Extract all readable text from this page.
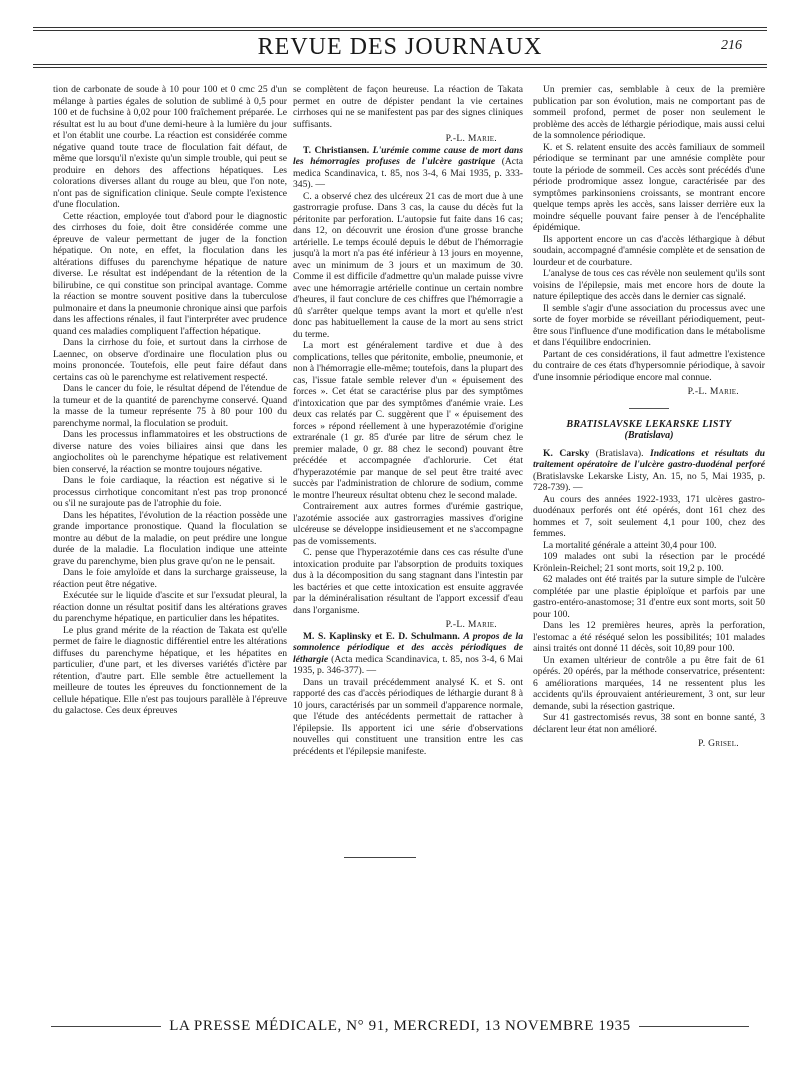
REVUE DES JOURNAUX	216

tion de carbonate de soude à 10 pour 100 et 0 cmc 25 d'un mélange à parties égales de solution de sublimé à 0,5 pour 100 et de fuchsine à 0,02 pour 100 fraîchement préparée. Le résultat est lu au bout d'une demi-heure à la lumière du jour et l'on établit une courbe. La réaction est considérée comme négative quand toute trace de floculation fait défaut, de même que lorsqu'il n'existe qu'un simple trouble, qui peut se produire en dehors des affections hépatiques. Les colorations diverses allant du rouge au bleu, que l'on note, n'ont pas de signification clinique. Seule compte l'existence d'une floculation.

Cette réaction, employée tout d'abord pour le diagnostic des cirrhoses du foie, doit être considérée comme une épreuve de valeur permettant de juger de la fonction hépatique. On note, en effet, la floculation dans les altérations diffuses du parenchyme hépatique de nature diverse. Le résultat est indépendant de la rétention de la bilirubine, ce qui constitue son principal avantage. Comme la réaction se montre souvent positive dans la tuberculose pulmonaire et dans la pneumonie chronique ainsi que parfois dans les affections rénales, il faut l'interpréter avec prudence quand ces maladies compliquent l'affection hépatique.

Dans la cirrhose du foie, et surtout dans la cirrhose de Laennec, on observe d'ordinaire une floculation plus ou moins prononcée. Toutefois, elle peut faire défaut dans certains cas où le parenchyme est relativement respecté.

Dans le cancer du foie, le résultat dépend de l'étendue de la tumeur et de la quantité de parenchyme conservé. Quand la masse de la tumeur représente 75 à 80 pour 100 du parenchyme normal, la floculation se produit.

Dans les processus inflammatoires et les obstructions de diverse nature des voies biliaires ainsi que dans les angiocholites où le parenchyme hépatique est relativement bien conservé, la réaction se montre toujours négative.

Dans le foie cardiaque, la réaction est négative si le processus cirrhotique concomitant n'est pas trop prononcé ou s'il ne surajoute pas de l'atrophie du foie.

Dans les hépatites, l'évolution de la réaction possède une grande importance pronostique. Quand la floculation se montre au début de la maladie, on peut prédire une longue durée de la maladie. La floculation indique une atteinte grave du parenchyme, bien plus grave qu'on ne le pensait.

Dans le foie amyloïde et dans la surcharge graisseuse, la réaction peut être négative.

Exécutée sur le liquide d'ascite et sur l'exsudat pleural, la réaction donne un résultat positif dans les altérations graves du parenchyme hépatique, en particulier dans les hépatites.

Le plus grand mérite de la réaction de Takata est qu'elle permet de faire le diagnostic différentiel entre les altérations diffuses du parenchyme hépatique, et les hépatites en particulier, d'une part, et les diverses variétés d'ictère par rétention, d'autre part. Elle semble être actuellement la meilleure de toutes les épreuves du fonctionnement de la cellule hépatique. Elle n'est pas toujours parallèle à l'épreuve du galactose. Ces deux épreuves

se complètent de façon heureuse. La réaction de Takata permet en outre de dépister pendant la vie certaines cirrhoses qui ne se manifestent pas par des signes cliniques suffisants.

P.-L. Marie.

T. Christiansen. L'urémie comme cause de mort dans les hémorragies profuses de l'ulcère gastrique (Acta medica Scandinavica, t. 85, nos 3-4, 6 Mai 1935, p. 333-345). —

C. a observé chez des ulcéreux 21 cas de mort due à une gastrorragie profuse. Dans 3 cas, la cause du décès fut la péritonite par perforation. L'autopsie fut faite dans 16 cas; dans 12, on découvrit une érosion d'une grosse branche artérielle. Le temps écoulé depuis le début de l'hémorragie jusqu'à la mort n'a pas été inférieur à 13 jours en moyenne, avec un minimum de 3 jours et un maximum de 30. Comme il est difficile d'admettre qu'un malade puisse vivre avec une hémorragie artérielle continue un certain nombre d'heures, il faut conclure de ces chiffres que l'hémorragie a dû s'arrêter quelque temps avant la mort et qu'elle n'est donc pas habituellement la cause de la mort au sens strict du terme.

La mort est généralement tardive et due à des complications, telles que péritonite, embolie, pneumonie, et non à l'hémorragie elle-même; toutefois, dans la plupart des cas, l'issue fatale semble relever d'un « épuisement des forces ». Cet état se caractérise plus par des symptômes d'intoxication que par des symptômes d'anémie vraie. Les deux cas relatés par C. suggèrent que l' « épuisement des forces » répond réellement à une hyperazotémie d'origine extrarénale (1 gr. 85 d'urée par litre de sérum chez le premier malade, 0 gr. 88 chez le second) pouvant être précédée et accompagnée d'achlorurie. Cet état d'hyperazotémie par manque de sel peut être traité avec succès par l'administration de chlorure de sodium, comme le montre l'heureux résultat obtenu chez le second malade.

Contrairement aux autres formes d'urémie gastrique, l'azotémie associée aux gastrorragies massives d'origine ulcéreuse se développe insidieusement et ne s'accompagne pas de vomissements.

C. pense que l'hyperazotémie dans ces cas résulte d'une intoxication produite par l'absorption de produits toxiques dus à la décomposition du sang stagnant dans l'intestin par les bactéries et que cette intoxication est ensuite aggravée par la déminéralisation résultant de l'apport excessif d'eau dans l'organisme.

P.-L. Marie.

M. S. Kaplinsky et E. D. Schulmann. A propos de la somnolence périodique et des accès périodiques de léthargie (Acta medica Scandinavica, t. 85, nos 3-4, 6 Mai 1935, p. 346-377). —

Dans un travail précédemment analysé K. et S. ont rapporté des cas d'accès périodiques de léthargie durant 8 à 10 jours, caractérisés par un sommeil d'apparence normale, que l'étude des antécédents permettait de rattacher à l'épilepsie. Ils apportent ici une série d'observations nouvelles qui constituent une transition entre les cas précédents et l'épilepsie manifeste.

Un premier cas, semblable à ceux de la première publication par son évolution, mais ne comportant pas de sommeil profond, permet de poser non seulement le problème des accès de léthargie périodique, mais aussi celui de la somnolence périodique.

K. et S. relatent ensuite des accès familiaux de sommeil périodique se terminant par une amnésie complète pour toute la période de sommeil. Ces accès sont précédés d'une période prodromique assez longue, caractérisée par des symptômes parkinsoniens croissants, se montrant encore quelque temps après les accès, sans laisser derrière eux la moindre séquelle pouvant faire penser à de l'encéphalite épidémique.

Ils apportent encore un cas d'accès léthargique à début soudain, accompagné d'amnésie complète et de sensation de lourdeur et de courbature.

L'analyse de tous ces cas révèle non seulement qu'ils sont voisins de l'épilepsie, mais met encore hors de doute la nature épileptique des accès dans le dernier cas signalé.

Il semble s'agir d'une association du processus avec une sorte de foyer morbide se réveillant périodiquement, peut-être sous l'influence d'une modification dans le métabolisme et dans l'équilibre endocrinien.

Partant de ces considérations, il faut admettre l'existence du contraire de ces états d'hypersomnie périodique, à savoir d'une insomnie périodique encore mal connue.

P.-L. Marie.
BRATISLAVSKE LEKARSKE LISTY
(Bratislava)

K. Carsky (Bratislava). Indications et résultats du traitement opératoire de l'ulcère gastro-duodénal perforé (Bratislavske Lekarske Listy, An. 15, no 5, Mai 1935, p. 728-739). —

Au cours des années 1922-1933, 171 ulcères gastro-duodénaux perforés ont été opérés, dont 161 chez des hommes et 7, soit seulement 4,1 pour 100, chez des femmes.

La mortalité générale a atteint 30,4 pour 100.

109 malades ont subi la résection par le procédé Krönlein-Reichel; 21 sont morts, soit 19,2 p. 100.

62 malades ont été traités par la suture simple de l'ulcère complétée par une plastie épiploïque et parfois par une gastro-entéro-anastomose; 31 d'entre eux sont morts, soit 50 pour 100.

Dans les 12 premières heures, après la perforation, l'estomac a été réséqué selon les possibilités; 101 malades ainsi traités ont donné 11 décès, soit 10,89 pour 100.

Un examen ultérieur de contrôle a pu être fait de 61 opérés. 20 opérés, par la méthode conservatrice, présentent: 6 améliorations marquées, 14 ne ressentent plus les accidents qu'ils éprouvaient antérieurement, 3 ont, sur leur demande, subi la résection gastrique.

Sur 41 gastrectomisés revus, 38 sont en bonne santé, 3 déclarent leur état non amélioré.

P. Grisel.
LA PRESSE MÉDICALE, N° 91, MERCREDI, 13 NOVEMBRE 1935
